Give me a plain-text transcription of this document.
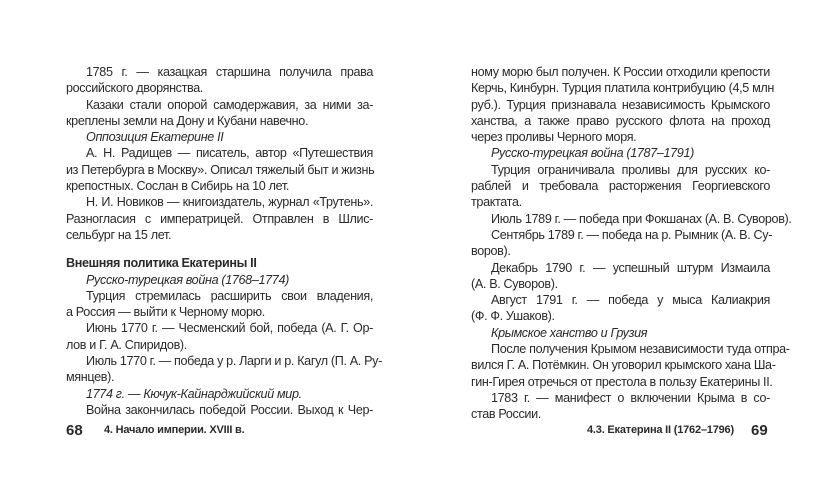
1785 г. — казацкая старшина получила права
российского дворянства.
Казаки стали опорой самодержавия, за ними за-
креплены земли на Дону и Кубани навечно.
Оппозиция Екатерине II
А. Н. Радищев — писатель, автор «Путешествия
из Петербурга в Москву». Описал тяжелый быт и жизнь
крепостных. Сослан в Сибирь на 10 лет.
Н. И. Новиков — книгоиздатель, журнал «Трутень».
Разногласия с императрицей. Отправлен в Шлис-
сельбург на 15 лет.
Внешняя политика Екатерины II
Русско-турецкая война (1768–1774)
Турция стремилась расширить свои владения,
а Россия — выйти к Черному морю.
Июнь 1770 г. — Чесменский бой, победа (А. Г. Ор-
лов и Г. А. Спиридов).
Июль 1770 г. — победа у р. Ларги и р. Кагул (П. А. Ру-
мянцев).
1774 г. — Кючук-Кайнарджийский мир.
Война закончилась победой России. Выход к Чер-
ному морю был получен. К России отходили крепости
Керчь, Кинбурн. Турция платила контрибуцию (4,5 млн
руб.). Турция признавала независимость Крымского
ханства, а также право русского флота на проход
через проливы Черного моря.
Русско-турецкая война (1787–1791)
Турция ограничивала проливы для русских ко-
раблей и требовала расторжения Георгиевского
трактата.
Июль 1789 г. — победа при Фокшанах (А. В. Суворов).
Сентябрь 1789 г. — победа на р. Рымник (А. В. Су-
воров).
Декабрь 1790 г. — успешный штурм Измаила
(А. В. Суворов).
Август 1791 г. — победа у мыса Калиакрия
(Ф. Ф. Ушаков).
Крымское ханство и Грузия
После получения Крымом независимости туда отпра-
вился Г. А. Потёмкин. Он уговорил крымского хана Ша-
гин-Гирея отречься от престола в пользу Екатерины II.
1783 г. — манифест о включении Крыма в со-
став России.
68 4. Начало империи. XVIII в.	4.3. Екатерина II (1762–1796) 69
